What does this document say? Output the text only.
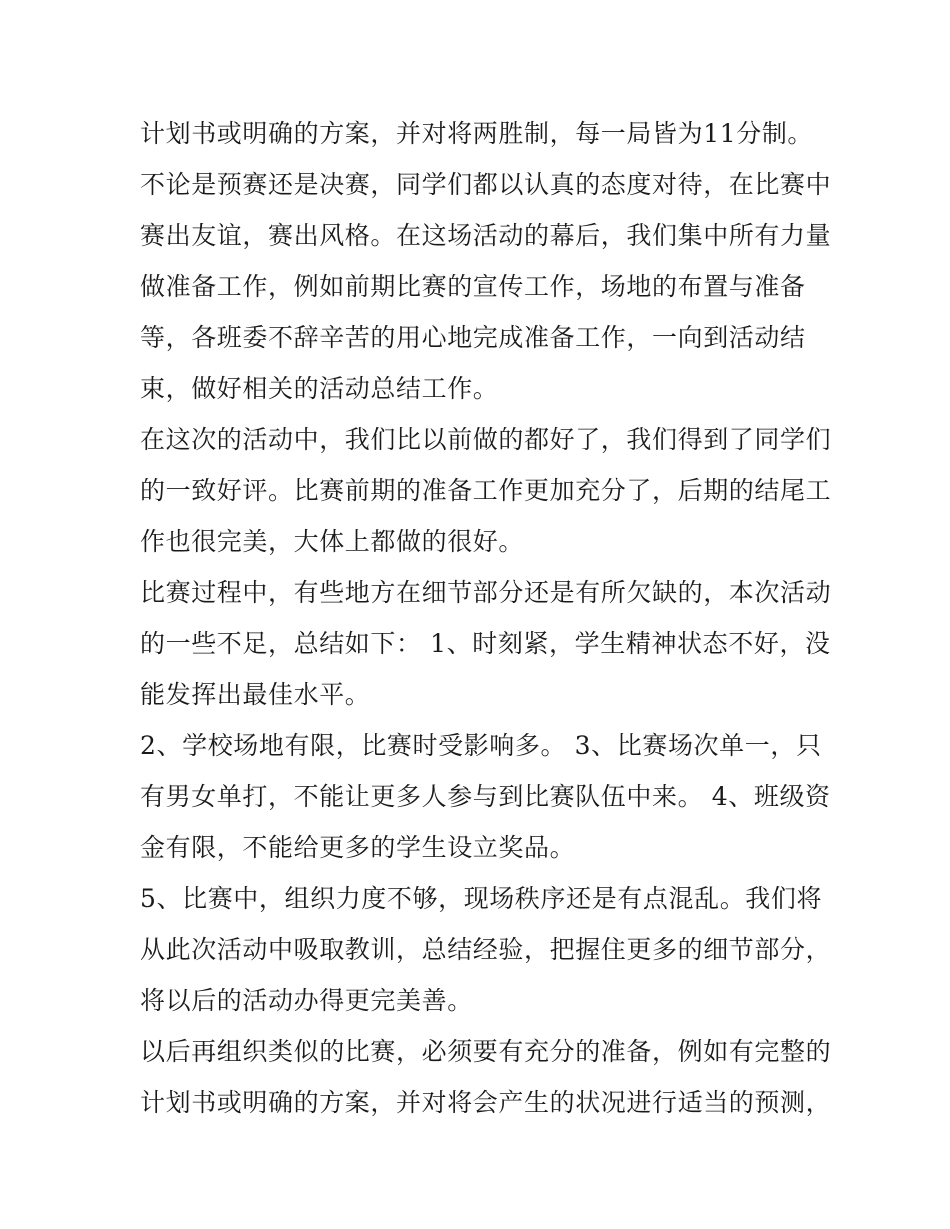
计划书或明确的方案，并对将两胜制，每一局皆为11分制。
不论是预赛还是决赛，同学们都以认真的态度对待，在比赛中
赛出友谊，赛出风格。在这场活动的幕后，我们集中所有力量
做准备工作，例如前期比赛的宣传工作，场地的布置与准备
等，各班委不辞辛苦的用心地完成准备工作，一向到活动结
束，做好相关的活动总结工作。
在这次的活动中，我们比以前做的都好了，我们得到了同学们
的一致好评。比赛前期的准备工作更加充分了，后期的结尾工
作也很完美，大体上都做的很好。
比赛过程中，有些地方在细节部分还是有所欠缺的，本次活动
的一些不足，总结如下： 1、时刻紧，学生精神状态不好，没
能发挥出最佳水平。
2、学校场地有限，比赛时受影响多。 3、比赛场次单一，只
有男女单打，不能让更多人参与到比赛队伍中来。 4、班级资
金有限，不能给更多的学生设立奖品。
5、比赛中，组织力度不够，现场秩序还是有点混乱。我们将
从此次活动中吸取教训，总结经验，把握住更多的细节部分，
将以后的活动办得更完美善。
以后再组织类似的比赛，必须要有充分的准备，例如有完整的
计划书或明确的方案，并对将会产生的状况进行适当的预测，
